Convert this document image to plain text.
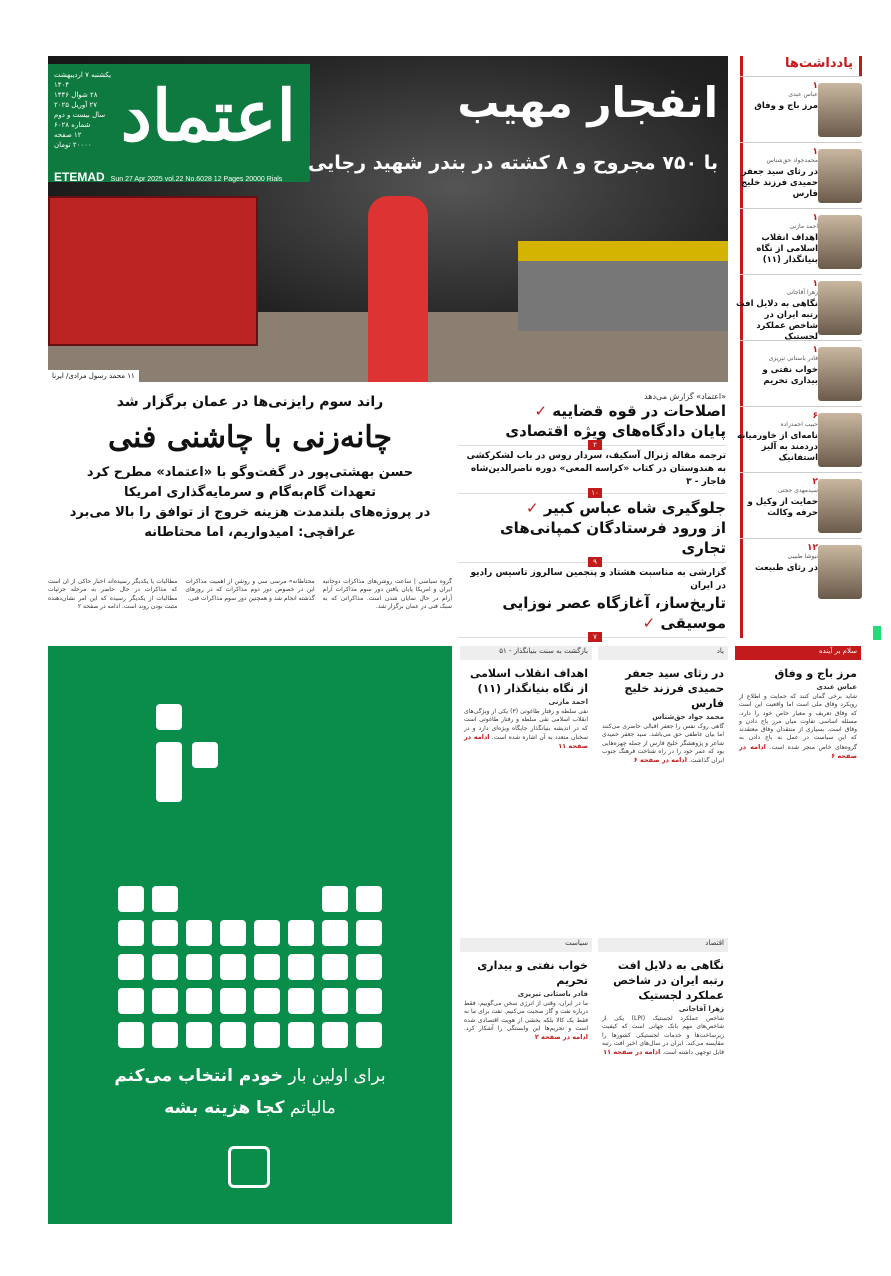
اعتماد
یکشنبه ۷ اردیبهشت ۱۴۰۴
۲۸ شوال ۱۴۴۶
۲۷ آوریل ۲۰۲۵
سال بیست و دوم
شماره ۶۰۲۸
۱۲ صفحه
۲۰۰۰۰ تومان
ETEMAD Sun 27 Apr 2025 vol.22 No.6028 12 Pages 20000 Rials
انفجار مهیب
با ۷۵۰ مجروح و ۸ کشته در بندر شهید رجایی
۱۱ محمد رسول مرادی/ ایرنا
یادداشت‌ها
۱
عباس عبدی
مرز باج و وفاق
۱
محمدجواد حق‌شناس
در رثای سید جعفر حمیدی فرزند خلیج فارس
۱
احمد مازنی
اهداف انقلاب اسلامی از نگاه بنیانگذار (۱۱)
۱
زهرا آقاجانی
نگاهی به دلایل افت رتبه ایران در شاخص عملکرد لجستیک
۱
فادر باستانی تبریزی
خواب نفتی و بیداری تحریم
۶
حبیب احمدزاده
نامه‌ای از خاورمیانه دردمند به آلیز استفانیک
۲
سیدمهدی حجتی
حمایت از وکیل و حرفه وکالت
۱۲
نیوشا طبیبی
در رثای طبیعت
«اعتماد» گزارش می‌دهد
اصلاحات در قوه قضاییه ✓
پایان دادگاه‌های ویژه اقتصادی
۲
ترجمه مقاله ژنرال آسکیف، سردار روس در باب لشکرکشی به هندوستان در کتاب «کراسه المعی» دوره ناصرالدین‌شاه قاجار - ۳
۱۰
جلوگیری شاه عباس کبیر ✓
از ورود فرستادگان کمپانی‌های تجاری
۹
گزارشی به مناسبت هشتاد و پنجمین سالروز تاسیس رادیو در ایران
تاریخ‌ساز، آغازگاه عصر نوزایی موسیقی ✓
۷
راند سوم رایزنی‌ها در عمان برگزار شد
چانه‌زنی با چاشنی فنی
حسن بهشتی‌پور در گفت‌وگو با «اعتماد» مطرح کرد
تعهدات گام‌به‌گام و سرمایه‌گذاری امریکا
در پروژه‌های بلندمدت هزینه خروج از توافق را بالا می‌برد
عراقچی: امیدواریم، اما محتاطانه
گروه سیاسی | ساعت روشن‌های مذاکرات دوجانبه ایران و امریکا پایان یافتن دور سوم مذاکرات آرام آرام در حال نمایان شدن است. مذاکراتی که به سبک فنی در عمان برگزار شد.
محتاطانه» مرسی سی و روشن از اهمیت مذاکرات این در خصوص دور دوم مذاکرات که در روزهای گذشته انجام شد و همچنین دور سوم مذاکرات فنی.
مطالبات یا یکدیگر رسیده‌اند اخبار حاکی از آن است که مذاکرات در حال حاضر به مرحله جزئیات مطالبات از یکدیگر رسیده که این امر نشان‌دهنده مثبت بودن روند است. ادامه در صفحه ۲
برای اولین بار خودم انتخاب می‌کنم
مالیاتم کجا هزینه بشه
سلام بر آینده
مرز باج و وفاق
عباس عبدی
شاید برخی گمان کنند که حمایت و اطلاع از رویکرد وفاق ملی است اما واقعیت این است که وفاق تعریف و معیار خاص خود را دارد. مسئله اساسی تفاوت میان مرز باج دادن و وفاق است. بسیاری از منتقدان وفاق معتقدند که این سیاست در عمل به باج دادن به گروه‌های خاص منجر شده است. ادامه در صفحه ۶
یاد
در رثای سید جعفر حمیدی فرزند خلیج فارس
محمد جواد حق‌شناس
گاهی روک نفس را جعفر اقبالی حاضری می‌کنند اما بیان عاطفی حق می‌باشد. سید جعفر حمیدی شاعر و پژوهشگر خلیج فارس از جمله چهره‌هایی بود که عمر خود را در راه شناخت فرهنگ جنوب ایران گذاشت. ادامه در صفحه ۶
بازگشت به سنت بنیانگذار - ۵۱
اهداف انقلاب اسلامی از نگاه بنیانگذار (۱۱)
احمد مازنی
نفی سلطه و رفتار طاغوتی (۳) یکی از ویژگی‌های انقلاب اسلامی نفی سلطه و رفتار طاغوتی است که در اندیشه بنیانگذار جایگاه ویژه‌ای دارد و در سخنان متعدد به آن اشاره شده است. ادامه در صفحه ۱۱
اقتصاد
نگاهی به دلایل افت رتبه ایران در شاخص عملکرد لجستیک
زهرا آقاجانی
شاخص عملکرد لجستیک (LPI) یکی از شاخص‌های مهم بانک جهانی است که کیفیت زیرساخت‌ها و خدمات لجستیکی کشورها را مقایسه می‌کند. ایران در سال‌های اخیر افت رتبه قابل توجهی داشته است. ادامه در صفحه ۱۱
سیاست
خواب نفتی و بیداری تحریم
فادر باستانی تبریزی
ما در ایران، وقتی از انرژی سخن می‌گوییم، فقط درباره نفت و گاز صحبت می‌کنیم. نفت برای ما نه فقط یک کالا بلکه بخشی از هویت اقتصادی شده است و تحریم‌ها این وابستگی را آشکار کرد. ادامه در صفحه ۲
